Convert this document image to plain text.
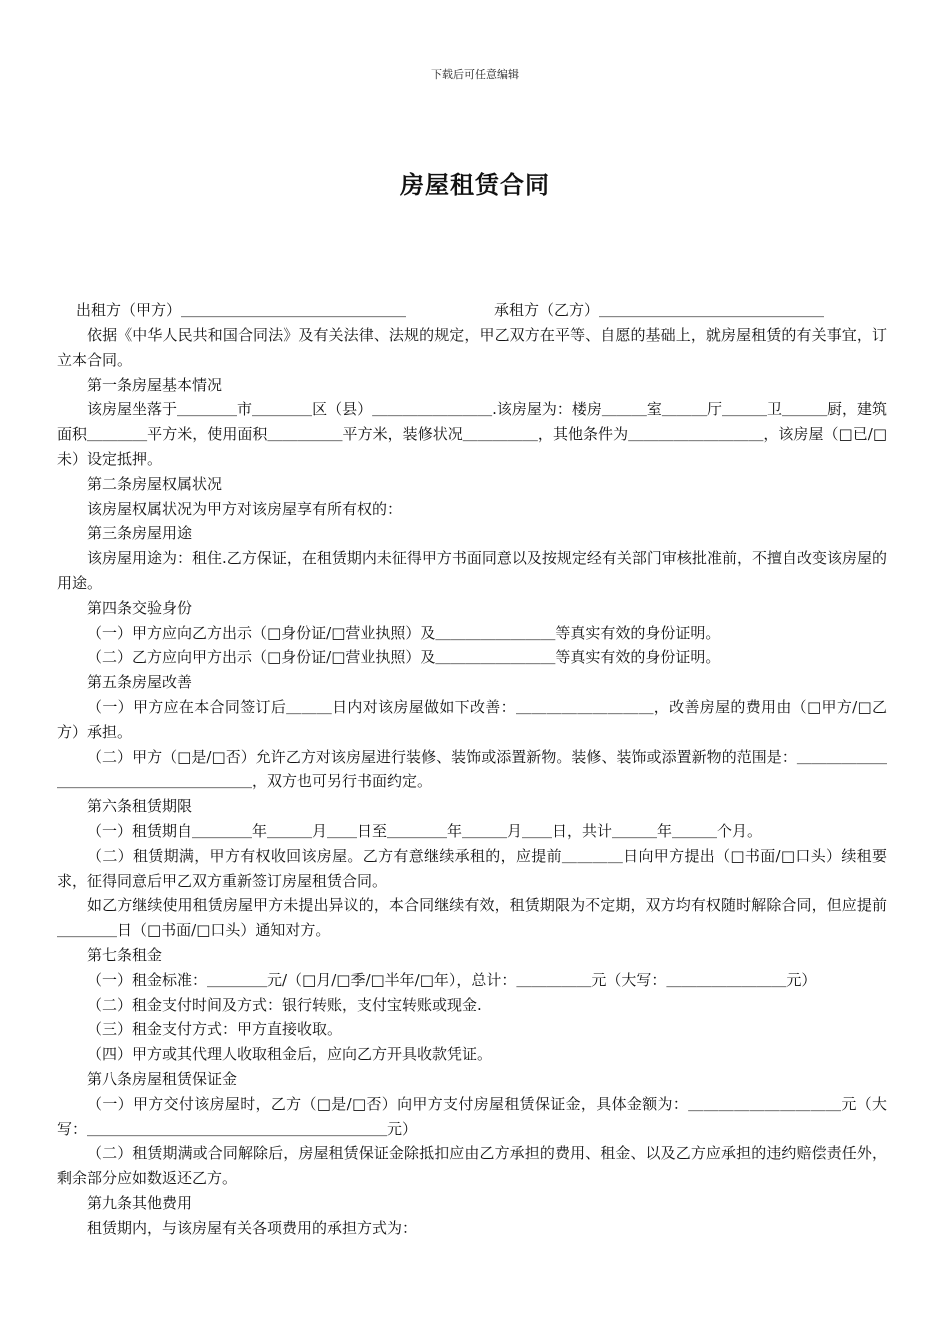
下载后可任意编辑
房屋租赁合同
出租方（甲方）＿＿＿＿＿＿＿＿＿＿＿＿＿＿＿	承租方（乙方）＿＿＿＿＿＿＿＿＿＿＿＿＿＿＿

依据《中华人民共和国合同法》及有关法律、法规的规定，甲乙双方在平等、自愿的基础上，就房屋租赁的有关事宜，订立本合同。

第一条房屋基本情况

该房屋坐落于＿＿＿＿市＿＿＿＿区（县）＿＿＿＿＿＿＿＿.该房屋为：楼房＿＿＿室＿＿＿厅＿＿＿卫＿＿＿厨，建筑面积＿＿＿＿平方米，使用面积＿＿＿＿＿平方米，装修状况＿＿＿＿＿，其他条件为＿＿＿＿＿＿＿＿＿，该房屋（□已/□未）设定抵押。

第二条房屋权属状况

该房屋权属状况为甲方对该房屋享有所有权的：

第三条房屋用途

该房屋用途为：租住.乙方保证，在租赁期内未征得甲方书面同意以及按规定经有关部门审核批准前，不擅自改变该房屋的用途。

第四条交验身份

（一）甲方应向乙方出示（□身份证/□营业执照）及＿＿＿＿＿＿＿＿等真实有效的身份证明。

（二）乙方应向甲方出示（□身份证/□营业执照）及＿＿＿＿＿＿＿＿等真实有效的身份证明。

第五条房屋改善

（一）甲方应在本合同签订后＿＿＿日内对该房屋做如下改善：＿＿＿＿＿＿＿＿＿，改善房屋的费用由（□甲方/□乙方）承担。

（二）甲方（□是/□否）允许乙方对该房屋进行装修、装饰或添置新物。装修、装饰或添置新物的范围是：＿＿＿＿＿＿＿＿＿＿＿＿＿＿＿＿＿＿＿，双方也可另行书面约定。

第六条租赁期限

（一）租赁期自＿＿＿＿年＿＿＿月＿＿日至＿＿＿＿年＿＿＿月＿＿日，共计＿＿＿年＿＿＿个月。

（二）租赁期满，甲方有权收回该房屋。乙方有意继续承租的，应提前＿＿＿＿日向甲方提出（□书面/□口头）续租要求，征得同意后甲乙双方重新签订房屋租赁合同。

如乙方继续使用租赁房屋甲方未提出异议的，本合同继续有效，租赁期限为不定期，双方均有权随时解除合同，但应提前＿＿＿＿日（□书面/□口头）通知对方。

第七条租金

（一）租金标准：＿＿＿＿元/（□月/□季/□半年/□年），总计：＿＿＿＿＿元（大写：＿＿＿＿＿＿＿＿元）

（二）租金支付时间及方式：银行转账，支付宝转账或现金.

（三）租金支付方式：甲方直接收取。

（四）甲方或其代理人收取租金后，应向乙方开具收款凭证。

第八条房屋租赁保证金

（一）甲方交付该房屋时，乙方（□是/□否）向甲方支付房屋租赁保证金，具体金额为：＿＿＿＿＿＿＿＿＿＿元（大写：＿＿＿＿＿＿＿＿＿＿＿＿＿＿＿＿＿＿＿＿元）

（二）租赁期满或合同解除后，房屋租赁保证金除抵扣应由乙方承担的费用、租金、以及乙方应承担的违约赔偿责任外，剩余部分应如数返还乙方。

第九条其他费用

租赁期内，与该房屋有关各项费用的承担方式为：
